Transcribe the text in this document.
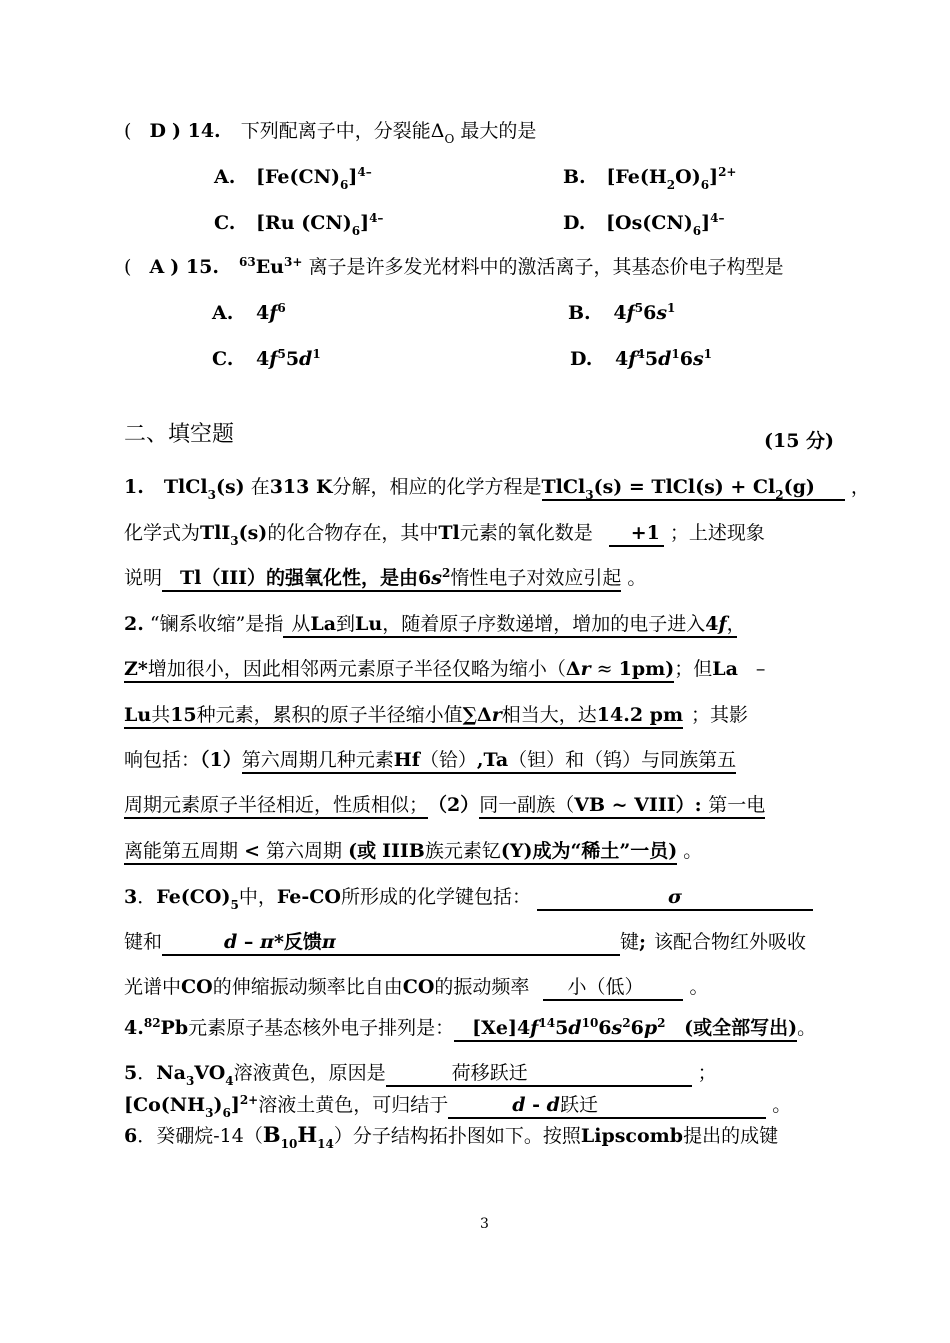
( D ) 14. 下列配离子中，分裂能$\Delta_O$ 最大的是
A. $[Fe(CN)_6]^{4-}$	B. $[Fe(H_2O)_6]^{2+}$
C. [Ru $(CN)_6]^{4-}$	D. $[Os(CN)_6]^{4-}$
( A ) 15. $^{63}Eu^{3+}$ 离子是许多发光材料中的激活离子，其基态价电子构型是
A. $4f^6$	B. $4f^56s^1$
C. $4f^55d^1$	D. $4f^45d^16s^1$
二、填空题	(15 分)
1. TlCl$_3$(s) 在313 K分解，相应的化学方程是TlCl$_3$(s) = TlCl(s) + $Cl_2(g)$ ，
化学式为TlI$_3$(s)的化合物存在，其中Tl元素的氧化数是 +1 ；上述现象
说明 Tl（III）的强氧化性，是由$6s^2$惰性电子对效应引起 。
2. “镧系收缩”是指 从La到Lu，随着原子序数递增，增加的电子进入4f，
Z*增加很小，因此相邻两元素原子半径仅略为缩小（Δr ≈ 1pm)；但La –
Lu共15种元素，累积的原子半径缩小值∑Δr相当大，达14.2 pm ；其影
响包括：（1）第六周期几种元素Hf（铪）,Ta（钽）和（钨）与同族第五
周期元素原子半径相近，性质相似；（2）同一副族（VB ~ VIII）: 第一电
离能第五周期 < 第六周期 (或 IIIB族元素钇(Y)成为“稀土”一员) 。
3．$Fe(CO)_5$中，Fe-CO所形成的化学键包括：	σ
键和	d – π*反馈π	键; 该配合物红外吸收
光谱中CO的伸缩振动频率比自由CO的振动频率 小（低） 。
4.82Pb元素原子基态核外电子排列是： $[Xe]4f^{14}5d^{10}6s^26p^2$ (或全部写出)。
5．$Na_3VO_4$溶液黄色，原因是	荷移跃迁	；
$[Co(NH_3)_6]^{2+}$溶液土黄色，可归结于	d - d跃迁	。
6．癸硼烷$-14(B_{10}H_{14})$分子结构拓扑图如下。按照Lipscomb提出的成键
3
